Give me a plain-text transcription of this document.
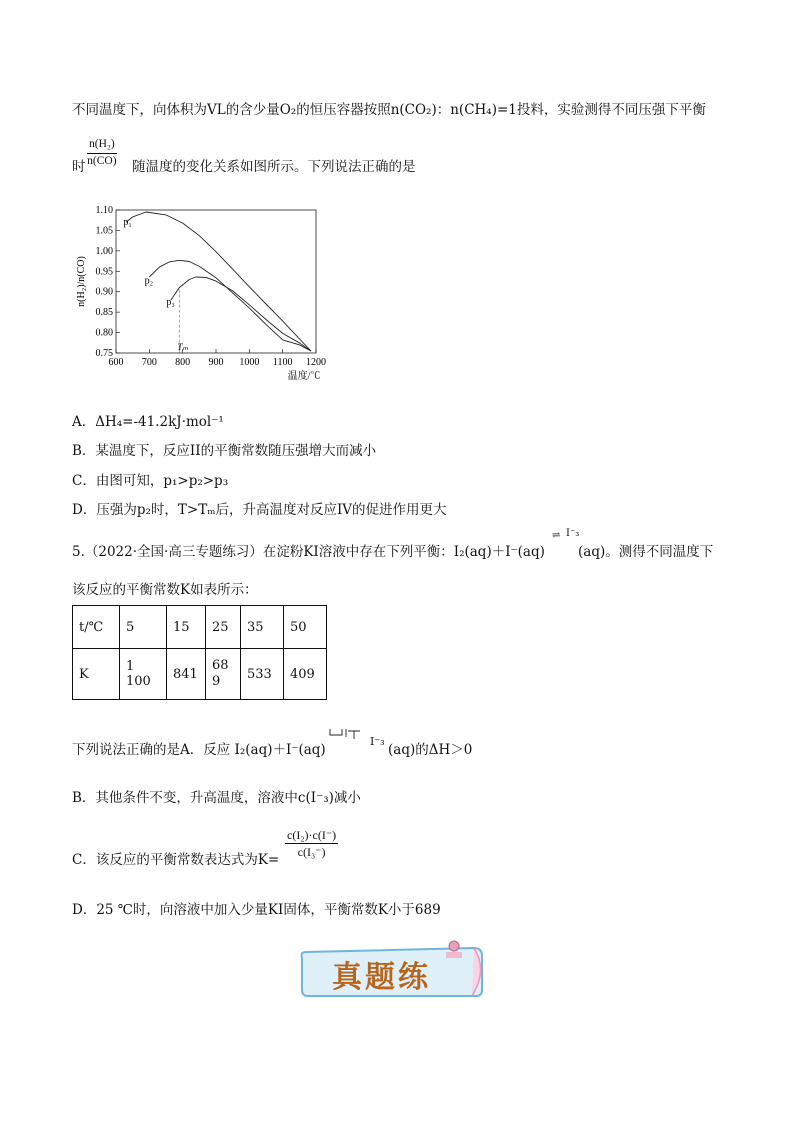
不同温度下，向体积为VL的含少量O₂的恒压容器按照n(CO₂)：n(CH₄)=1投料，实验测得不同压强下平衡
时 $\frac{\text{n(H₂)}}{n(CO)}$ 随温度的变化关系如图所示。下列说法正确的是
600 700 800 900 1000 1100 1200
0.75
0.80
0.85
0.90
0.95
1.00
1.05
1.10
温度/℃
n(H₂)/n(CO)
Tₘ
p₁
p₂
p₃
A．ΔH₄=-41.2kJ·mol⁻¹
B．某温度下，反应II的平衡常数随压强增大而减小
C．由图可知，p₁>p₂>p₃
D．压强为p₂时，T>Tₘ后，升高温度对反应IV的促进作用更大
5.（2022·全国·高三专题练习）在淀粉KI溶液中存在下列平衡：I₂(aq)＋I⁻(aq)
⇌ I⁻₃
(aq)。测得不同温度下
该反应的平衡常数K如表所示：
t/℃	5	15	25	35	50
K	1 100	841	689	533	409
下列说法正确的是A．反应 I₂(aq)＋I⁻(aq)
I⁻₃
(aq)的ΔH＞0
B．其他条件不变，升高温度，溶液中c(I⁻₃)减小
C．该反应的平衡常数表达式为K=
$\frac{\text{c(I₂)·c(I⁻)}}{\text{c(I₃⁻)}}$
D．25 ℃时，向溶液中加入少量KI固体，平衡常数K小于689
真题练
